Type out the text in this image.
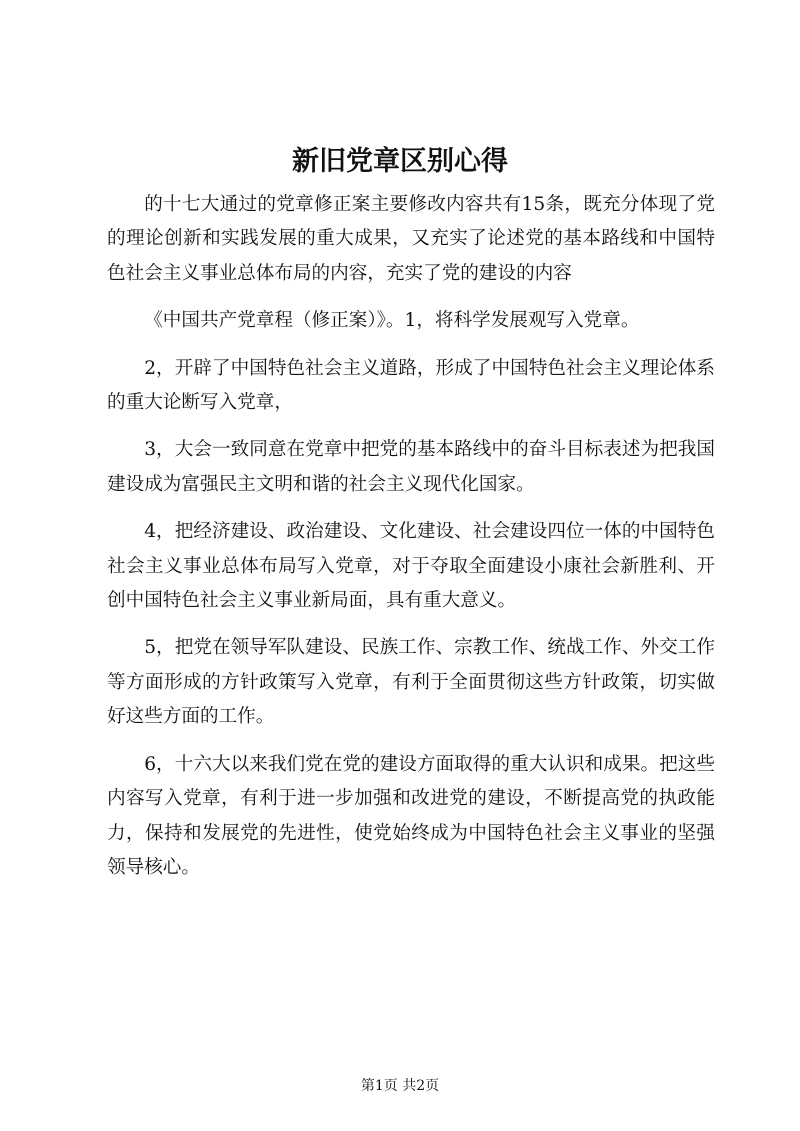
新旧党章区别心得

的十七大通过的党章修正案主要修改内容共有15条，既充分体现了党的理论创新和实践发展的重大成果，又充实了论述党的基本路线和中国特色社会主义事业总体布局的内容，充实了党的建设的内容

《中国共产党章程（修正案）》。1，将科学发展观写入党章。

2，开辟了中国特色社会主义道路，形成了中国特色社会主义理论体系的重大论断写入党章，

3，大会一致同意在党章中把党的基本路线中的奋斗目标表述为把我国建设成为富强民主文明和谐的社会主义现代化国家。

4，把经济建设、政治建设、文化建设、社会建设四位一体的中国特色社会主义事业总体布局写入党章，对于夺取全面建设小康社会新胜利、开创中国特色社会主义事业新局面，具有重大意义。

5，把党在领导军队建设、民族工作、宗教工作、统战工作、外交工作等方面形成的方针政策写入党章，有利于全面贯彻这些方针政策，切实做好这些方面的工作。

6，十六大以来我们党在党的建设方面取得的重大认识和成果。把这些内容写入党章，有利于进一步加强和改进党的建设，不断提高党的执政能力，保持和发展党的先进性，使党始终成为中国特色社会主义事业的坚强领导核心。

第1页 共2页
